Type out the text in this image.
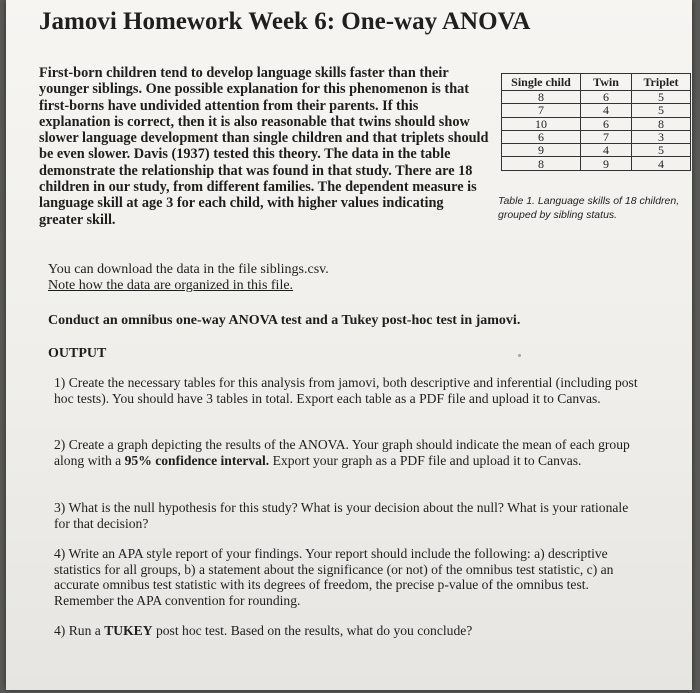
Jamovi Homework Week 6: One-way ANOVA

First-born children tend to develop language skills faster than their younger siblings. One possible explanation for this phenomenon is that first-borns have undivided attention from their parents. If this explanation is correct, then it is also reasonable that twins should show slower language development than single children and that triplets should be even slower. Davis (1937) tested this theory. The data in the table demonstrate the relationship that was found in that study. There are 18 children in our study, from different families. The dependent measure is language skill at age 3 for each child, with higher values indicating greater skill.

Single child	Twin	Triplet
8	6	5
7	4	5
10	6	8
6	7	3
9	4	5
8	9	4

Table 1. Language skills of 18 children, grouped by sibling status.

You can download the data in the file siblings.csv.

Note how the data are organized in this file.

Conduct an omnibus one-way ANOVA test and a Tukey post-hoc test in jamovi.

OUTPUT

1) Create the necessary tables for this analysis from jamovi, both descriptive and inferential (including post hoc tests). You should have 3 tables in total. Export each table as a PDF file and upload it to Canvas.

2) Create a graph depicting the results of the ANOVA. Your graph should indicate the mean of each group along with a 95% confidence interval. Export your graph as a PDF file and upload it to Canvas.

3) What is the null hypothesis for this study? What is your decision about the null? What is your rationale for that decision?

4) Write an APA style report of your findings. Your report should include the following: a) descriptive statistics for all groups, b) a statement about the significance (or not) of the omnibus test statistic, c) an accurate omnibus test statistic with its degrees of freedom, the precise p-value of the omnibus test. Remember the APA convention for rounding.

4) Run a TUKEY post hoc test. Based on the results, what do you conclude?
